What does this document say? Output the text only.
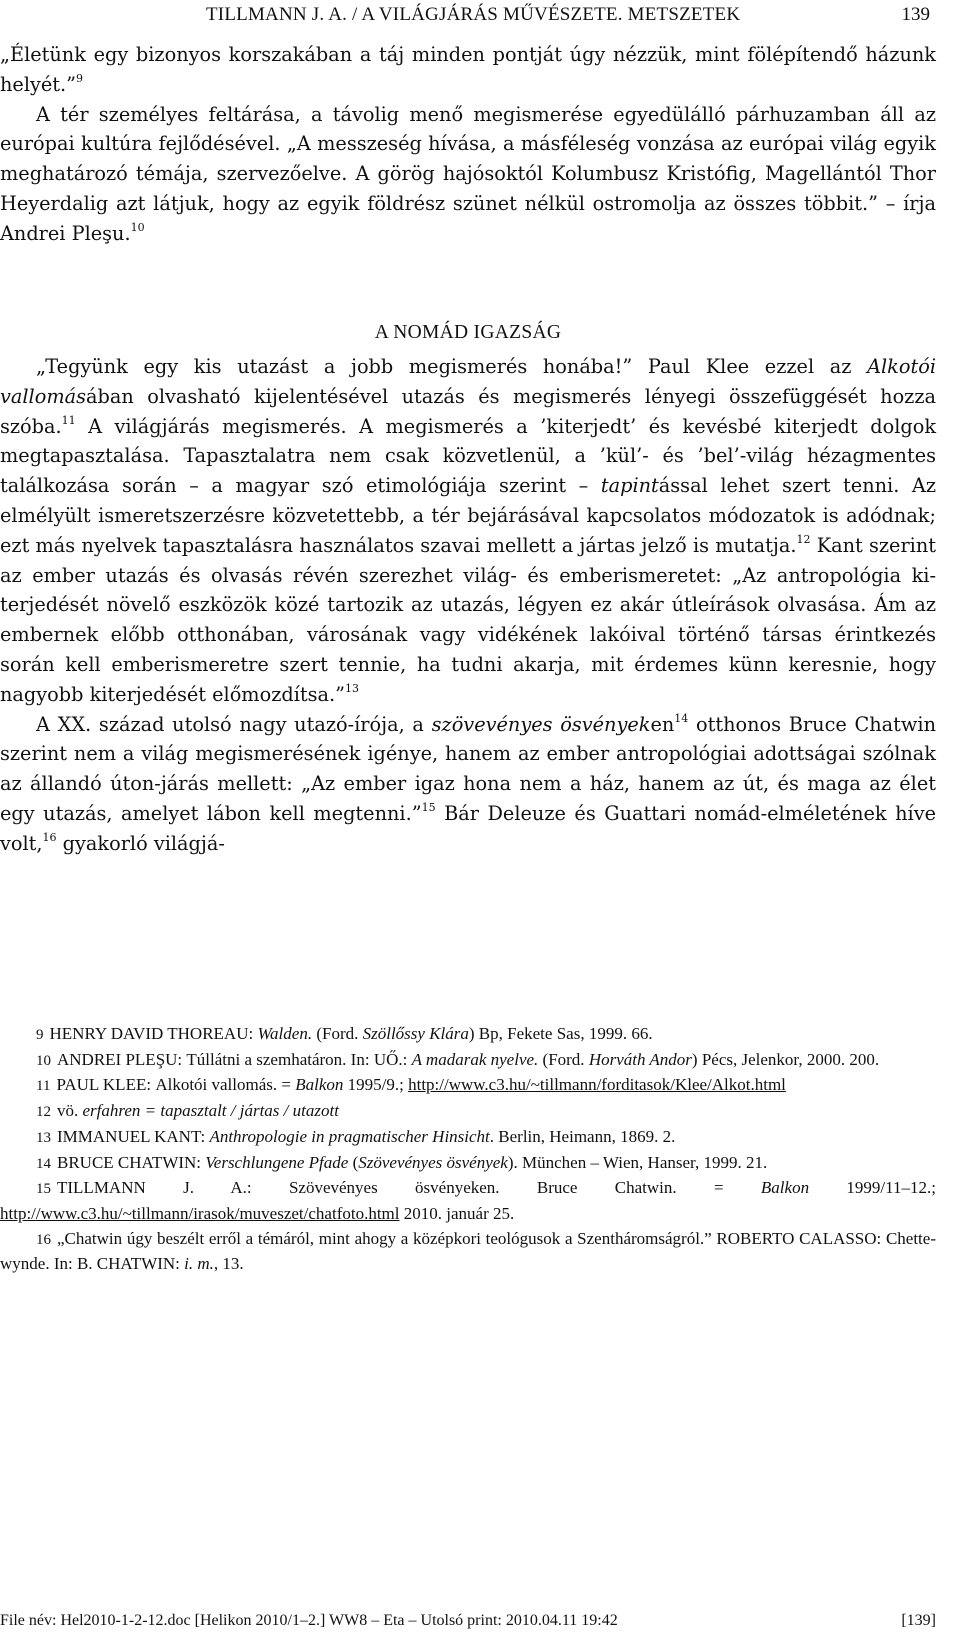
TILLMANN J. A. / A VILÁGJÁRÁS MŰVÉSZETE. METSZETEK	139

„Életünk egy bizonyos korszakában a táj minden pontját úgy nézzük, mint fölépítendő házunk helyét.”$^9$

A tér személyes feltárása, a távolig menő megismerése egyedülálló párhuzamban áll az európai kultúra fejlődésével. „A messzeség hívása, a másféleség vonzása az európai világ egyik meghatározó témája, szervezőelve. A görög hajósoktól Kolumbusz Kristófig, Magellántól Thor Heyerdalig azt látjuk, hogy az egyik földrész szünet nélkül ostromolja az összes többit.” – írja Andrei Pleşu.$^{10}$

A NOMÁD IGAZSÁG

„Tegyünk egy kis utazást a jobb megismerés honába!” Paul Klee ezzel az Alkotói vallomásában olvasható kijelentésével utazás és megismerés lényegi összefüggését hozza szóba.$^{11}$ A világjárás megismerés. A megismerés a ’kiterjedt’ és kevésbé kiterjedt dolgok megtapasztalása. Tapasztalatra nem csak közvetlenül, a ’kül’- és ’bel’-világ hézagmentes találkozása során – a magyar szó etimológiája szerint – tapintással lehet szert tenni. Az elmélyült ismeretszerzésre közvetettebb, a tér bejárásával kapcsolatos módozatok is adódnak; ezt más nyelvek tapasztalásra használatos szavai mellett a jártas jelző is mutatja.$^{12}$ Kant szerint az ember utazás és olvasás révén szerezhet világ- és emberismeretet: „Az antropológia kiterjedését növelő eszközök közé tartozik az utazás, légyen ez akár útleírások olvasása. Ám az embernek előbb otthonában, városának vagy vidékének lakóival történő társas érintkezés során kell emberismeretre szert tennie, ha tudni akarja, mit érdemes künn keresnie, hogy nagyobb kiterjedését előmozdítsa.”$^{13}$

A XX. század utolsó nagy utazó-írója, a szövevényes ösvényeken$^{14}$ otthonos Bruce Chatwin szerint nem a világ megismerésének igénye, hanem az ember antropológiai adottságai szólnak az állandó úton-járás mellett: „Az ember igaz hona nem a ház, hanem az út, és maga az élet egy utazás, amelyet lábon kell megtenni.”$^{15}$ Bár Deleuze és Guattari nomád-elméletének híve volt,$^{16}$ gyakorló világjá-

9 HENRY DAVID THOREAU: Walden. (Ford. Szöllőssy Klára) Bp, Fekete Sas, 1999. 66.

10 ANDREI PLEŞU: Túllátni a szemhatáron. In: UŐ.: A madarak nyelve. (Ford. Horváth Andor) Pécs, Jelenkor, 2000. 200.

11 PAUL KLEE: Alkotói vallomás. = Balkon 1995/9.; http://www.c3.hu/~tillmann/forditasok/Klee/Alkot.html

12 vö. erfahren = tapasztalt / jártas / utazott

13 IMMANUEL KANT: Anthropologie in pragmatischer Hinsicht. Berlin, Heimann, 1869. 2.

14 BRUCE CHATWIN: Verschlungene Pfade (Szövevényes ösvények). München – Wien, Hanser, 1999. 21.

15 TILLMANN J. A.: Szövevényes ösvényeken. Bruce Chatwin. = Balkon 1999/11–12.; http://www.c3.hu/~tillmann/irasok/muveszet/chatfoto.html 2010. január 25.

16 „Chatwin úgy beszélt erről a témáról, mint ahogy a középkori teológusok a Szentháromságról.” ROBERTO CALASSO: Chette-wynde. In: B. CHATWIN: i. m., 13.

File név: Hel2010-1-2-12.doc [Helikon 2010/1–2.] WW8 – Eta – Utolsó print: 2010.04.11 19:42	[139]
